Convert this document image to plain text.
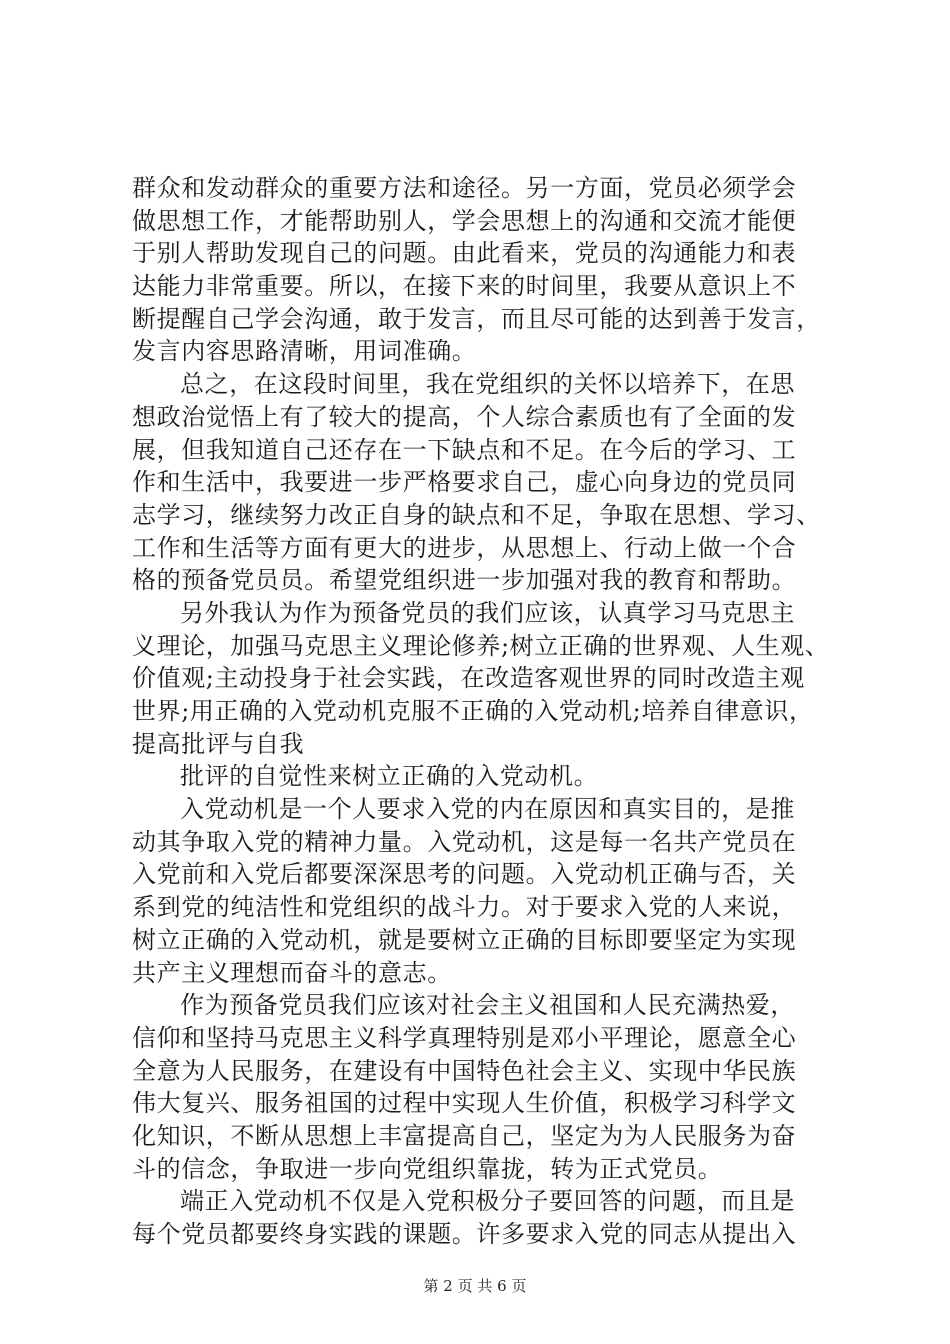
群众和发动群众的重要方法和途径。另一方面，党员必须学会
做思想工作，才能帮助别人，学会思想上的沟通和交流才能便
于别人帮助发现自己的问题。由此看来，党员的沟通能力和表
达能力非常重要。所以，在接下来的时间里，我要从意识上不
断提醒自己学会沟通，敢于发言，而且尽可能的达到善于发言，
发言内容思路清晰，用词准确。
总之，在这段时间里，我在党组织的关怀以培养下，在思
想政治觉悟上有了较大的提高，个人综合素质也有了全面的发
展，但我知道自己还存在一下缺点和不足。在今后的学习、工
作和生活中，我要进一步严格要求自己，虚心向身边的党员同
志学习，继续努力改正自身的缺点和不足，争取在思想、学习、
工作和生活等方面有更大的进步，从思想上、行动上做一个合
格的预备党员员。希望党组织进一步加强对我的教育和帮助。
另外我认为作为预备党员的我们应该，认真学习马克思主
义理论，加强马克思主义理论修养;树立正确的世界观、人生观、
价值观;主动投身于社会实践，在改造客观世界的同时改造主观
世界;用正确的入党动机克服不正确的入党动机;培养自律意识，
提高批评与自我
批评的自觉性来树立正确的入党动机。
入党动机是一个人要求入党的内在原因和真实目的，是推
动其争取入党的精神力量。入党动机，这是每一名共产党员在
入党前和入党后都要深深思考的问题。入党动机正确与否，关
系到党的纯洁性和党组织的战斗力。对于要求入党的人来说，
树立正确的入党动机，就是要树立正确的目标即要坚定为实现
共产主义理想而奋斗的意志。
作为预备党员我们应该对社会主义祖国和人民充满热爱，
信仰和坚持马克思主义科学真理特别是邓小平理论，愿意全心
全意为人民服务，在建设有中国特色社会主义、实现中华民族
伟大复兴、服务祖国的过程中实现人生价值，积极学习科学文
化知识，不断从思想上丰富提高自己，坚定为为人民服务为奋
斗的信念，争取进一步向党组织靠拢，转为正式党员。
端正入党动机不仅是入党积极分子要回答的问题，而且是
每个党员都要终身实践的课题。许多要求入党的同志从提出入
第 2 页 共 6 页
